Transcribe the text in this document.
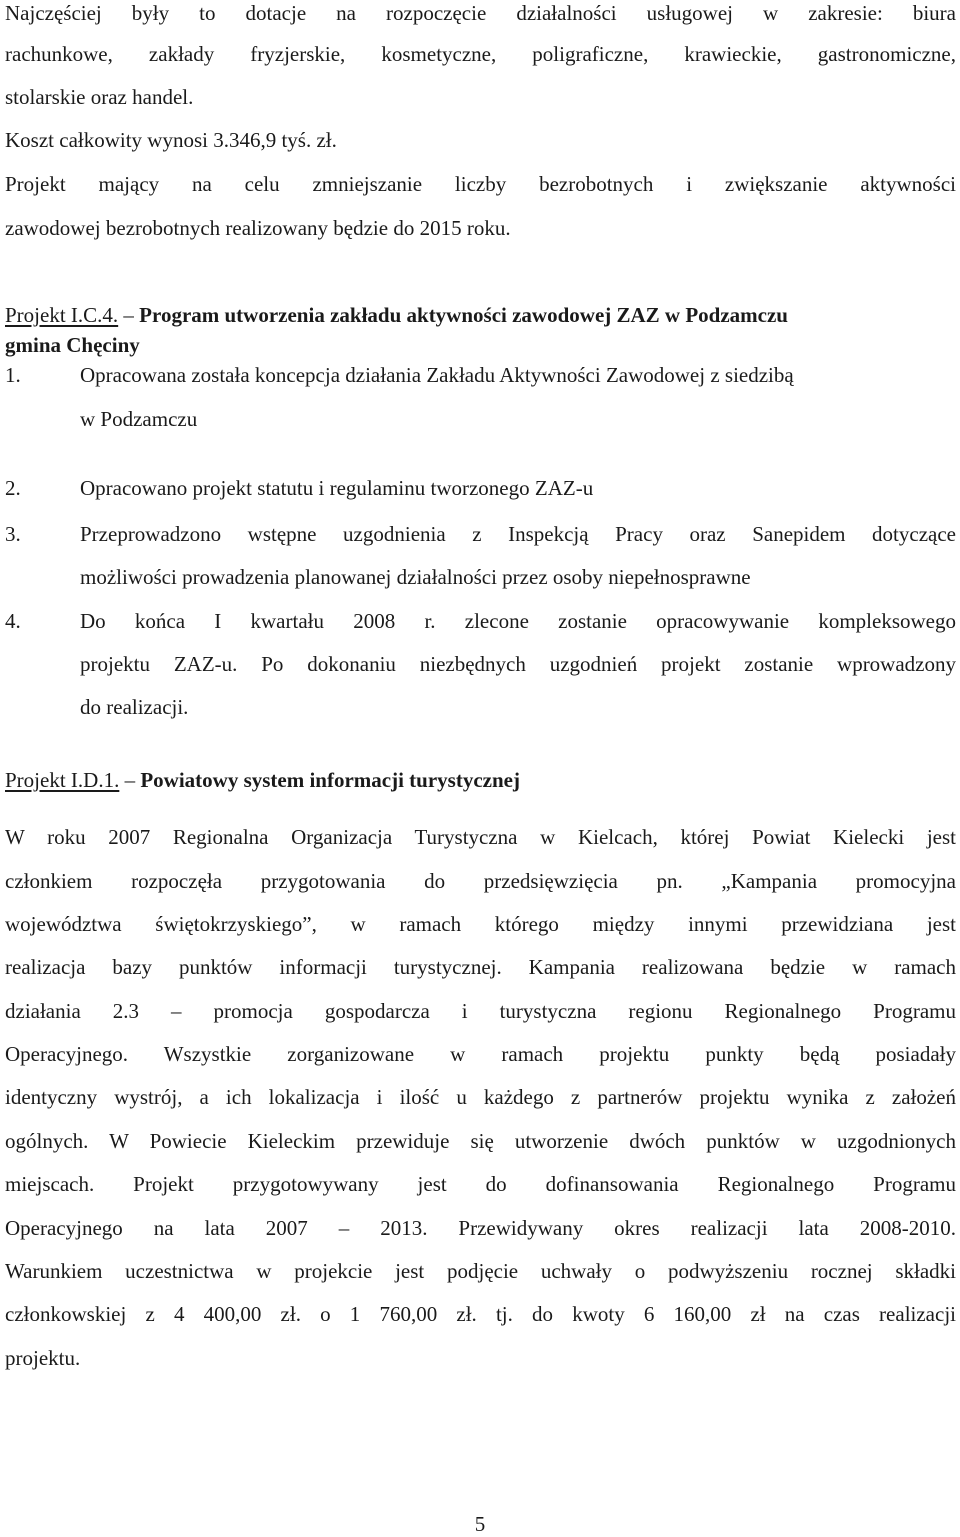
Najczęściej były to dotacje na rozpoczęcie działalności usługowej w zakresie: biura
rachunkowe, zakłady fryzjerskie, kosmetyczne, poligraficzne, krawieckie, gastronomiczne,
stolarskie oraz handel.
Koszt całkowity wynosi 3.346,9 tyś. zł.
Projekt mający na celu zmniejszanie liczby bezrobotnych i zwiększanie aktywności
zawodowej bezrobotnych realizowany będzie do 2015 roku.
Projekt I.C.4. – Program utworzenia zakładu aktywności zawodowej ZAZ w Podzamczu
gmina Chęciny
1.	Opracowana została koncepcja działania Zakładu Aktywności Zawodowej z siedzibą
w Podzamczu
2.	Opracowano projekt statutu i regulaminu tworzonego ZAZ-u
3.	Przeprowadzono wstępne uzgodnienia z Inspekcją Pracy oraz Sanepidem dotyczące
możliwości prowadzenia planowanej działalności przez osoby niepełnosprawne
4.	Do końca I kwartału 2008 r. zlecone zostanie opracowywanie kompleksowego
projektu ZAZ-u. Po dokonaniu niezbędnych uzgodnień projekt zostanie wprowadzony
do realizacji.
Projekt I.D.1. – Powiatowy system informacji turystycznej
W roku 2007 Regionalna Organizacja Turystyczna w Kielcach, której Powiat Kielecki jest
członkiem rozpoczęła przygotowania do przedsięwzięcia pn. „Kampania promocyjna
województwa świętokrzyskiego”, w ramach którego między innymi przewidziana jest
realizacja bazy punktów informacji turystycznej. Kampania realizowana będzie w ramach
działania 2.3 – promocja gospodarcza i turystyczna regionu Regionalnego Programu
Operacyjnego. Wszystkie zorganizowane w ramach projektu punkty będą posiadały
identyczny wystrój, a ich lokalizacja i ilość u każdego z partnerów projektu wynika z założeń
ogólnych. W Powiecie Kieleckim przewiduje się utworzenie dwóch punktów w uzgodnionych
miejscach. Projekt przygotowywany jest do dofinansowania Regionalnego Programu
Operacyjnego na lata 2007 – 2013. Przewidywany okres realizacji lata 2008-2010.
Warunkiem uczestnictwa w projekcie jest podjęcie uchwały o podwyższeniu rocznej składki
członkowskiej z 4 400,00 zł. o 1 760,00 zł. tj. do kwoty 6 160,00 zł na czas realizacji
projektu.
5
